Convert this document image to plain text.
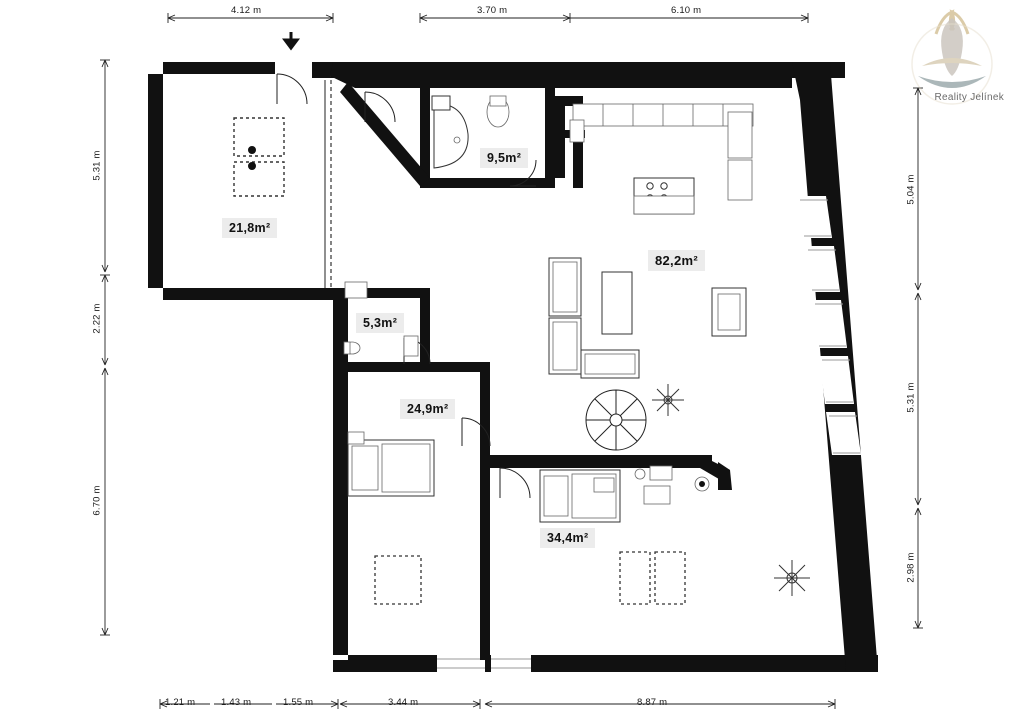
21,8m²
9,5m²
82,2m²
5,3m²
24,9m²
34,4m²
4.12 m	3.70 m	6.10 m
1.21 m	1.43 m	1.55 m	3.44 m	8.87 m
5.31 m
2.22 m
6.70 m
5.04 m
5.31 m
2.98 m
Reality Jelínek
